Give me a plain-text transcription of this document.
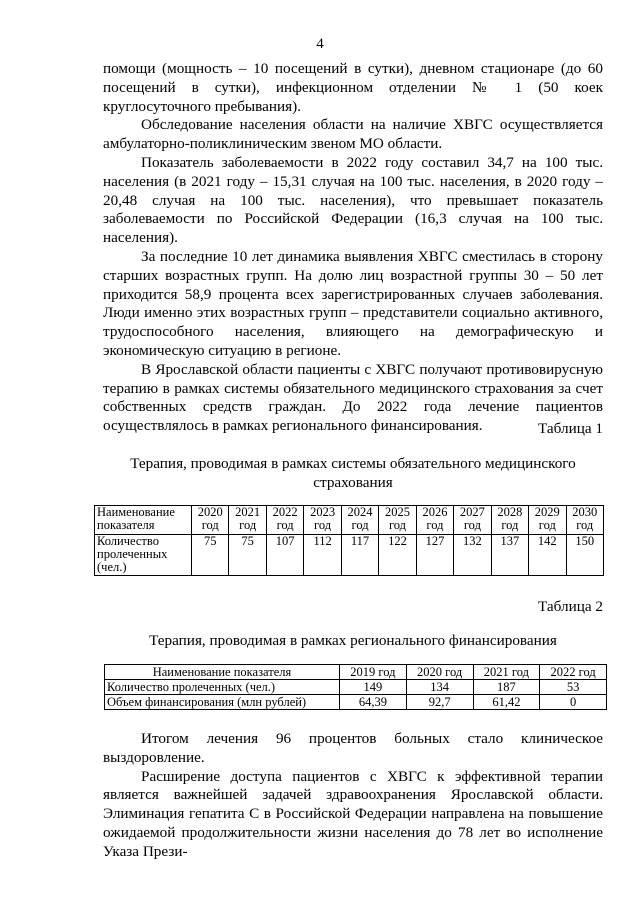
4

помощи (мощность – 10 посещений в сутки), дневном стационаре (до 60 посещений в сутки), инфекционном отделении № 1 (50 коек круглосуточного пребывания).

Обследование населения области на наличие ХВГС осуществляется амбулаторно-поликлиническим звеном МО области.

Показатель заболеваемости в 2022 году составил 34,7 на 100 тыс. населения (в 2021 году – 15,31 случая на 100 тыс. населения, в 2020 году – 20,48 случая на 100 тыс. населения), что превышает показатель заболеваемости по Российской Федерации (16,3 случая на 100 тыс. населения).

За последние 10 лет динамика выявления ХВГС сместилась в сторону старших возрастных групп. На долю лиц возрастной группы 30 – 50 лет приходится 58,9 процента всех зарегистрированных случаев заболевания. Люди именно этих возрастных групп – представители социально активного, трудоспособного населения, влияющего на демографическую и экономическую ситуацию в регионе.

В Ярославской области пациенты с ХВГС получают противовирусную терапию в рамках системы обязательного медицинского страхования за счет собственных средств граждан. До 2022 года лечение пациентов осуществлялось в рамках регионального финансирования.	Таблица 1
Терапия, проводимая в рамках системы обязательного медицинского страхования
Наименование показателя	2020 год	2021 год	2022 год	2023 год	2024 год	2025 год	2026 год	2027 год	2028 год	2029 год	2030 год
Количество пролеченных (чел.)	75	75	107	112	117	122	127	132	137	142	150
Таблица 2
Терапия, проводимая в рамках регионального финансирования
Наименование показателя	2019 год	2020 год	2021 год	2022 год
Количество пролеченных (чел.)	149	134	187	53
Объем финансирования (млн рублей)	64,39	92,7	61,42	0

Итогом лечения 96 процентов больных стало клиническое выздоровление.

Расширение доступа пациентов с ХВГС к эффективной терапии является важнейшей задачей здравоохранения Ярославской области. Элиминация гепатита С в Российской Федерации направлена на повышение ожидаемой продолжительности жизни населения до 78 лет во исполнение Указа Прези-
